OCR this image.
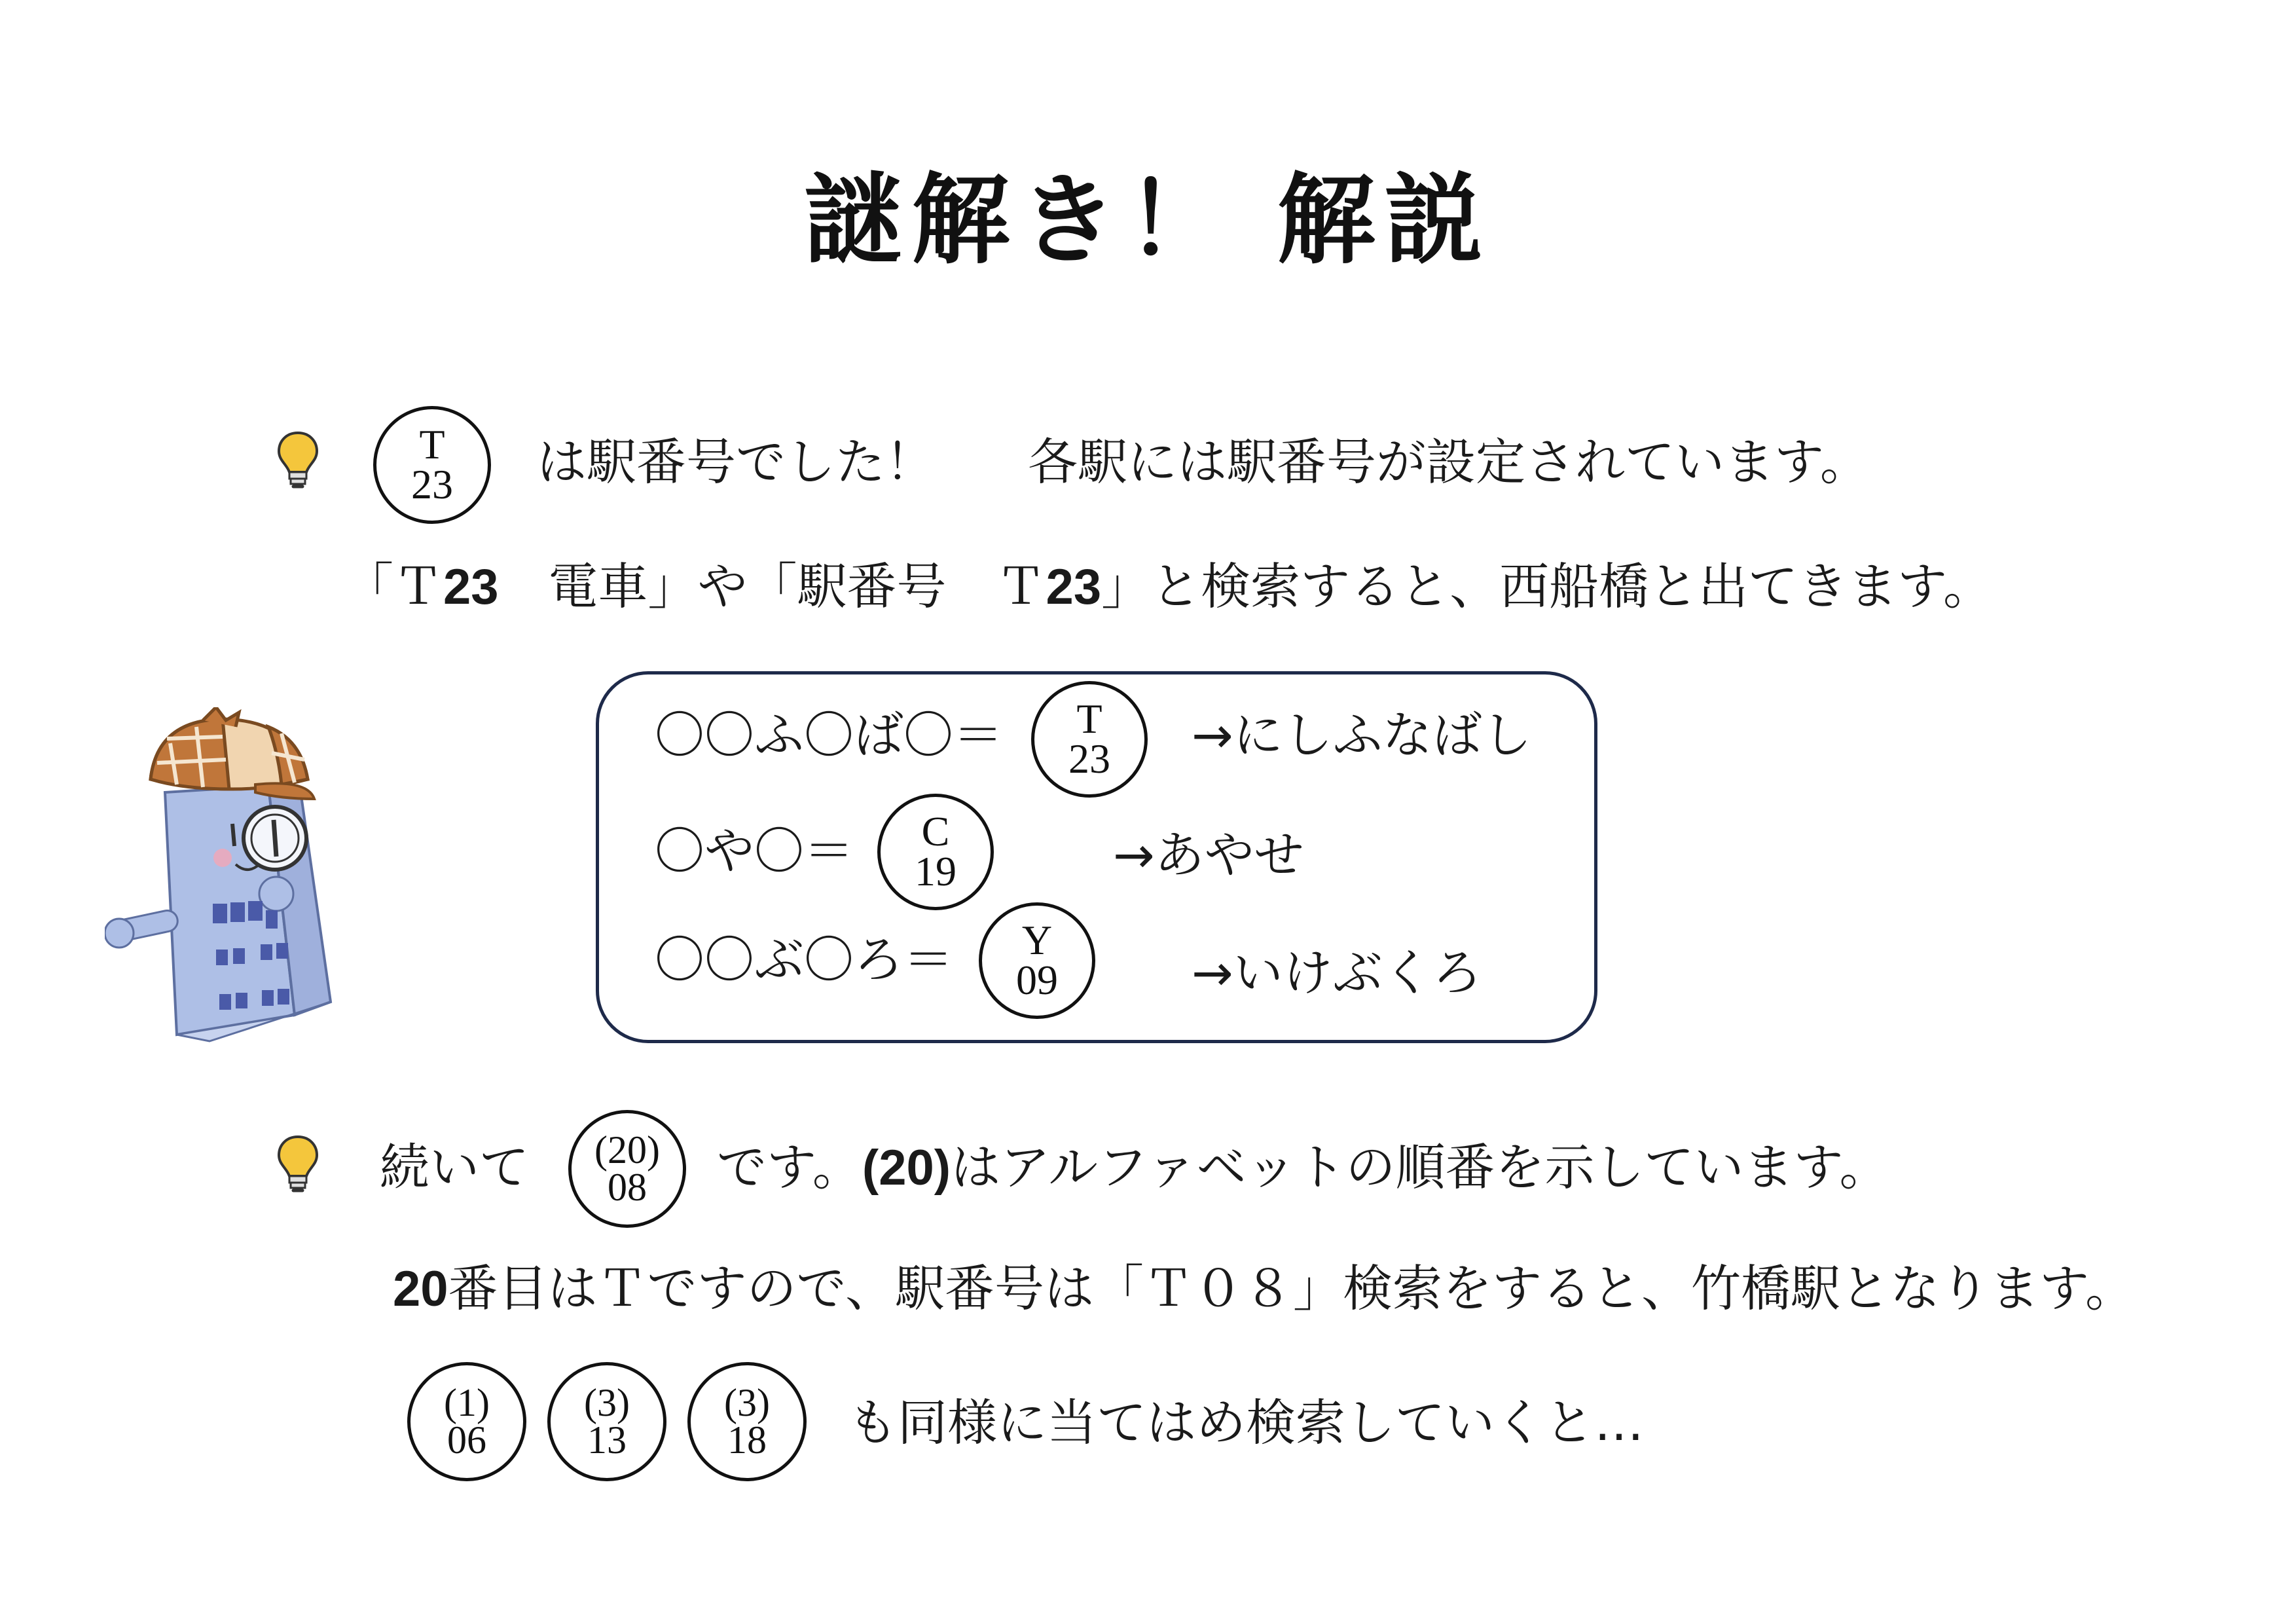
謎解き！ 解説
T
23 は駅番号でした！ 各駅には駅番号が設定されています。
「Ｔ23　電車」や「駅番号　Ｔ23」と検索すると、西船橋と出てきます。
〇〇ふ〇ば〇＝ T
23 →にしふなばし
〇や〇＝ C
19	→あやせ
〇〇ぶ〇ろ＝ Y
09	→いけぶくろ
続いて (20)
08 です。(20)はアルファベットの順番を示しています。
20番目はＴですので、駅番号は「Ｔ０８」検索をすると、竹橋駅となります。
(1)
06
(3)
13
(3)
18 も同様に当てはめ検索していくと…
